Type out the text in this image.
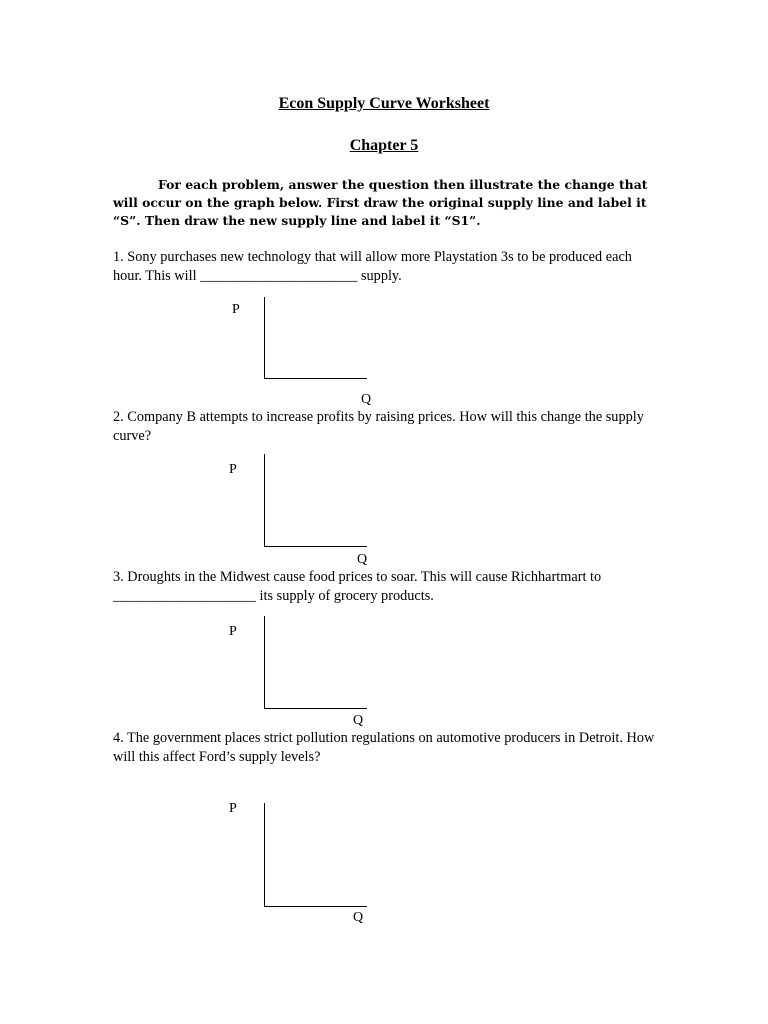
Econ Supply Curve Worksheet
Chapter 5
For each problem, answer the question then illustrate the change that will occur on the graph below. First draw the original supply line and label it “S”. Then draw the new supply line and label it “S1”.
1. Sony purchases new technology that will allow more Playstation 3s to be produced each hour. This will ______________________ supply.
P
Q
2. Company B attempts to increase profits by raising prices. How will this change the supply curve?
P
Q
3. Droughts in the Midwest cause food prices to soar. This will cause Richhartmart to ____________________ its supply of grocery products.
P
Q
4. The government places strict pollution regulations on automotive producers in Detroit. How will this affect Ford’s supply levels?
P
Q
